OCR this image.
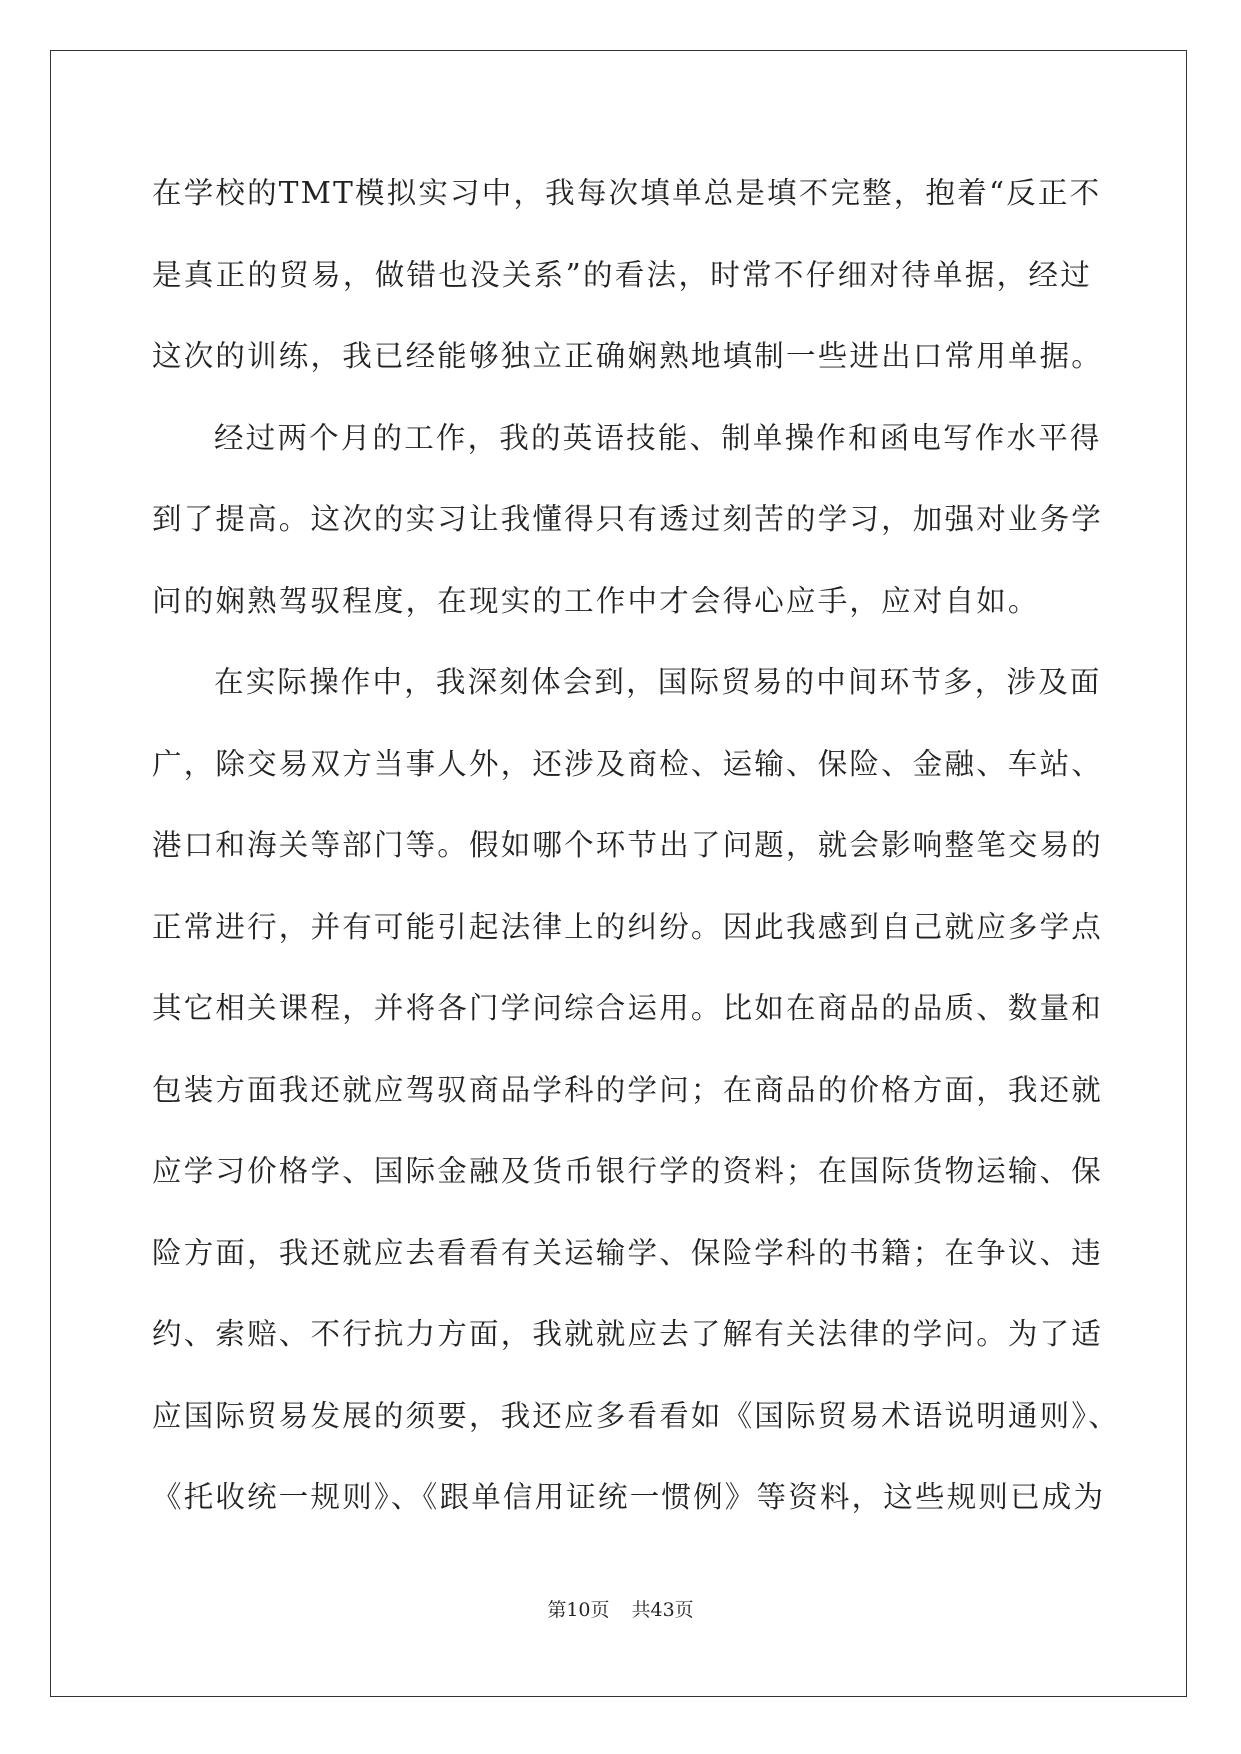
在学校的TMT模拟实习中，我每次填单总是填不完整，抱着“反正不
是真正的贸易，做错也没关系”的看法，时常不仔细对待单据，经过
这次的训练，我已经能够独立正确娴熟地填制一些进出口常用单据。
经过两个月的工作，我的英语技能、制单操作和函电写作水平得
到了提高。这次的实习让我懂得只有透过刻苦的学习，加强对业务学
问的娴熟驾驭程度，在现实的工作中才会得心应手，应对自如。
在实际操作中，我深刻体会到，国际贸易的中间环节多，涉及面
广，除交易双方当事人外，还涉及商检、运输、保险、金融、车站、
港口和海关等部门等。假如哪个环节出了问题，就会影响整笔交易的
正常进行，并有可能引起法律上的纠纷。因此我感到自己就应多学点
其它相关课程，并将各门学问综合运用。比如在商品的品质、数量和
包装方面我还就应驾驭商品学科的学问；在商品的价格方面，我还就
应学习价格学、国际金融及货币银行学的资料；在国际货物运输、保
险方面，我还就应去看看有关运输学、保险学科的书籍；在争议、违
约、索赔、不行抗力方面，我就就应去了解有关法律的学问。为了适
应国际贸易发展的须要，我还应多看看如《国际贸易术语说明通则》、
《托收统一规则》、《跟单信用证统一惯例》等资料，这些规则已成为
第10页 共43页
